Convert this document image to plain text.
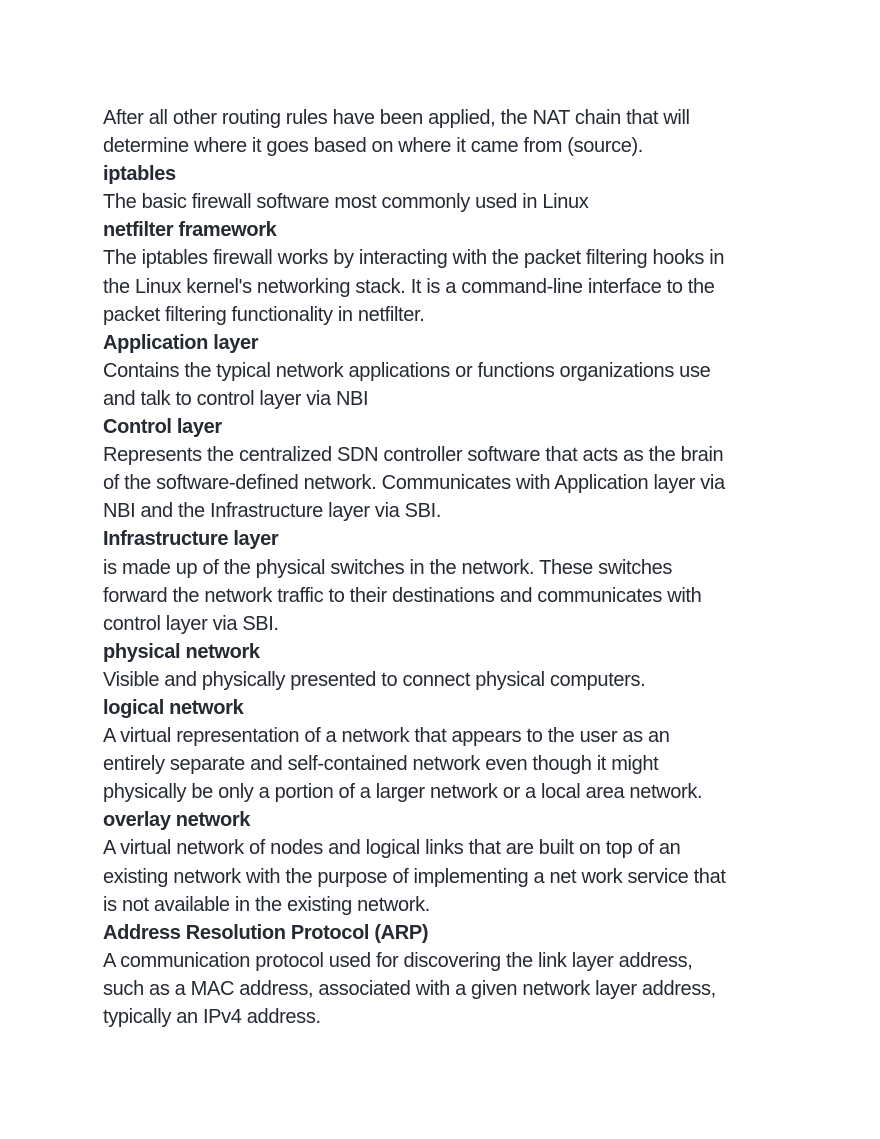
After all other routing rules have been applied, the NAT chain that will
determine where it goes based on where it came from (source).
iptables
The basic firewall software most commonly used in Linux
netfilter framework
The iptables firewall works by interacting with the packet filtering hooks in
the Linux kernel's networking stack. It is a command-line interface to the
packet filtering functionality in netfilter.
Application layer
Contains the typical network applications or functions organizations use
and talk to control layer via NBI
Control layer
Represents the centralized SDN controller software that acts as the brain
of the software-defined network. Communicates with Application layer via
NBI and the Infrastructure layer via SBI.
Infrastructure layer
is made up of the physical switches in the network. These switches
forward the network traffic to their destinations and communicates with
control layer via SBI.
physical network
Visible and physically presented to connect physical computers.
logical network
A virtual representation of a network that appears to the user as an
entirely separate and self-contained network even though it might
physically be only a portion of a larger network or a local area network.
overlay network
A virtual network of nodes and logical links that are built on top of an
existing network with the purpose of implementing a net work service that
is not available in the existing network.
Address Resolution Protocol (ARP)
A communication protocol used for discovering the link layer address,
such as a MAC address, associated with a given network layer address,
typically an IPv4 address.
